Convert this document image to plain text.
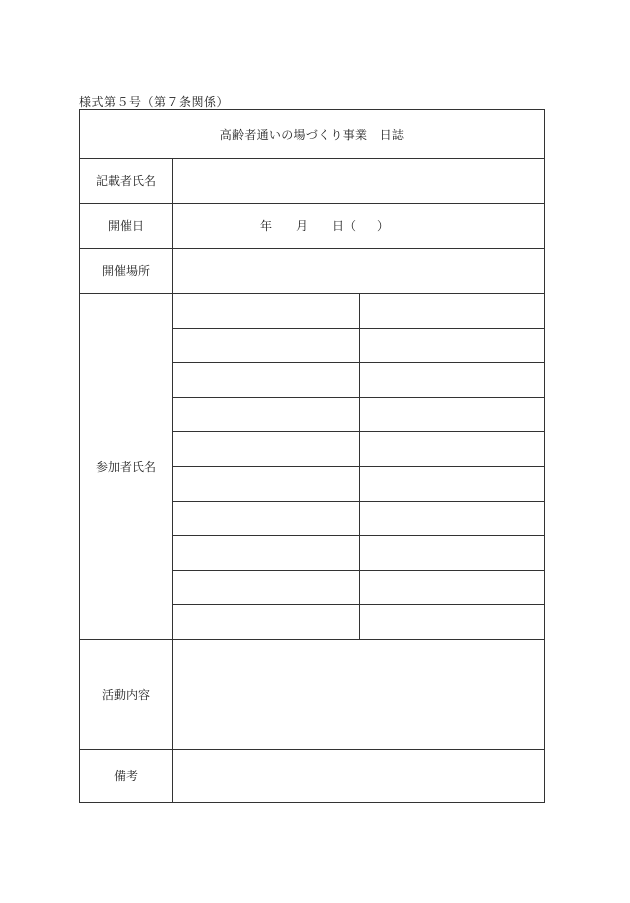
様式第５号（第７条関係）
高齢者通いの場づくり事業　日誌
記載者氏名
開催日	年 月 日（ ）
開催場所
参加者氏名
活動内容
備考
